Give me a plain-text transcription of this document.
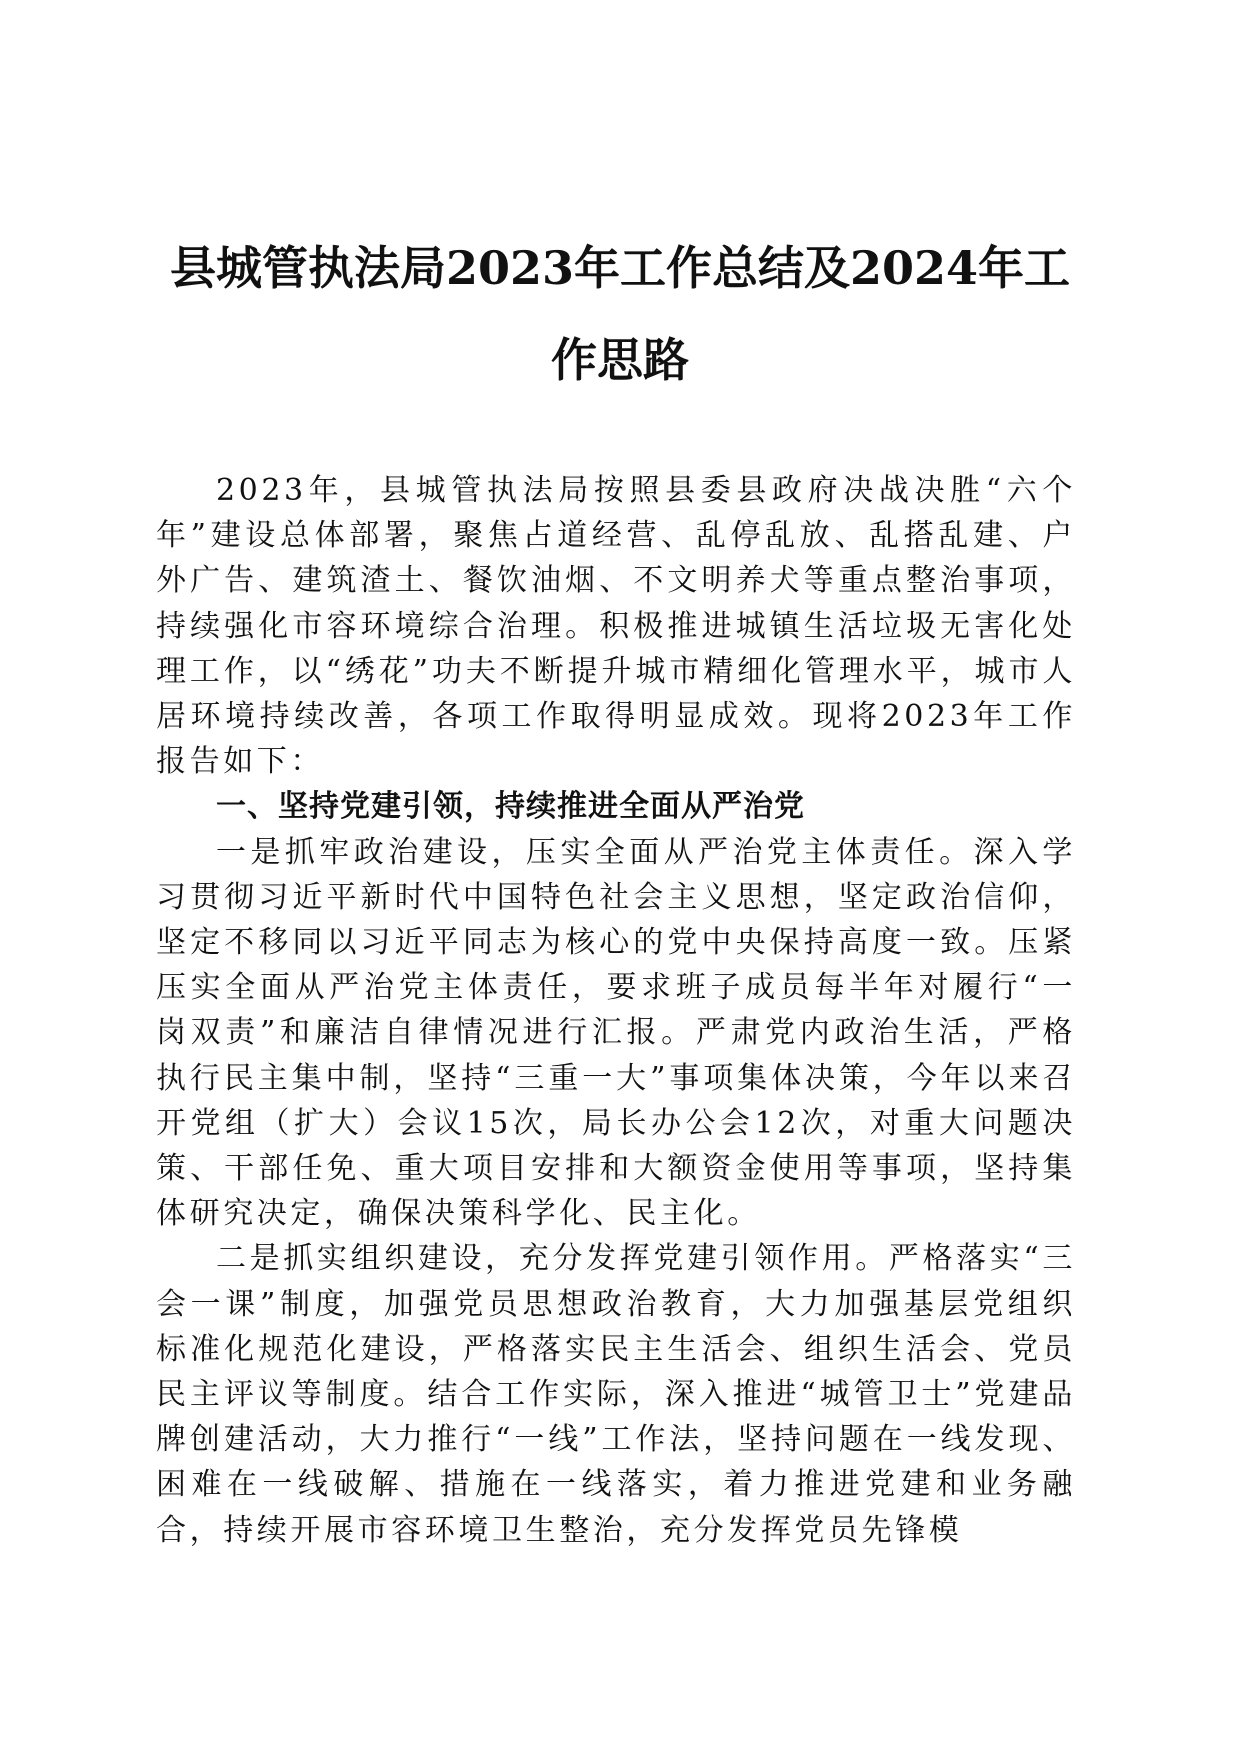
县城管执法局2023年工作总结及2024年工作思路

2023年，县城管执法局按照县委县政府决战决胜“六个年”建设总体部署，聚焦占道经营、乱停乱放、乱搭乱建、户外广告、建筑渣土、餐饮油烟、不文明养犬等重点整治事项，持续强化市容环境综合治理。积极推进城镇生活垃圾无害化处理工作，以“绣花”功夫不断提升城市精细化管理水平，城市人居环境持续改善，各项工作取得明显成效。现将2023年工作报告如下：

一、坚持党建引领，持续推进全面从严治党

一是抓牢政治建设，压实全面从严治党主体责任。深入学习贯彻习近平新时代中国特色社会主义思想，坚定政治信仰，坚定不移同以习近平同志为核心的党中央保持高度一致。压紧压实全面从严治党主体责任，要求班子成员每半年对履行“一岗双责”和廉洁自律情况进行汇报。严肃党内政治生活，严格执行民主集中制，坚持“三重一大”事项集体决策，今年以来召开党组（扩大）会议15次，局长办公会12次，对重大问题决策、干部任免、重大项目安排和大额资金使用等事项，坚持集体研究决定，确保决策科学化、民主化。

二是抓实组织建设，充分发挥党建引领作用。严格落实“三会一课”制度，加强党员思想政治教育，大力加强基层党组织标准化规范化建设，严格落实民主生活会、组织生活会、党员民主评议等制度。结合工作实际，深入推进“城管卫士”党建品牌创建活动，大力推行“一线”工作法，坚持问题在一线发现、困难在一线破解、措施在一线落实，着力推进党建和业务融合，持续开展市容环境卫生整治，充分发挥党员先锋模
